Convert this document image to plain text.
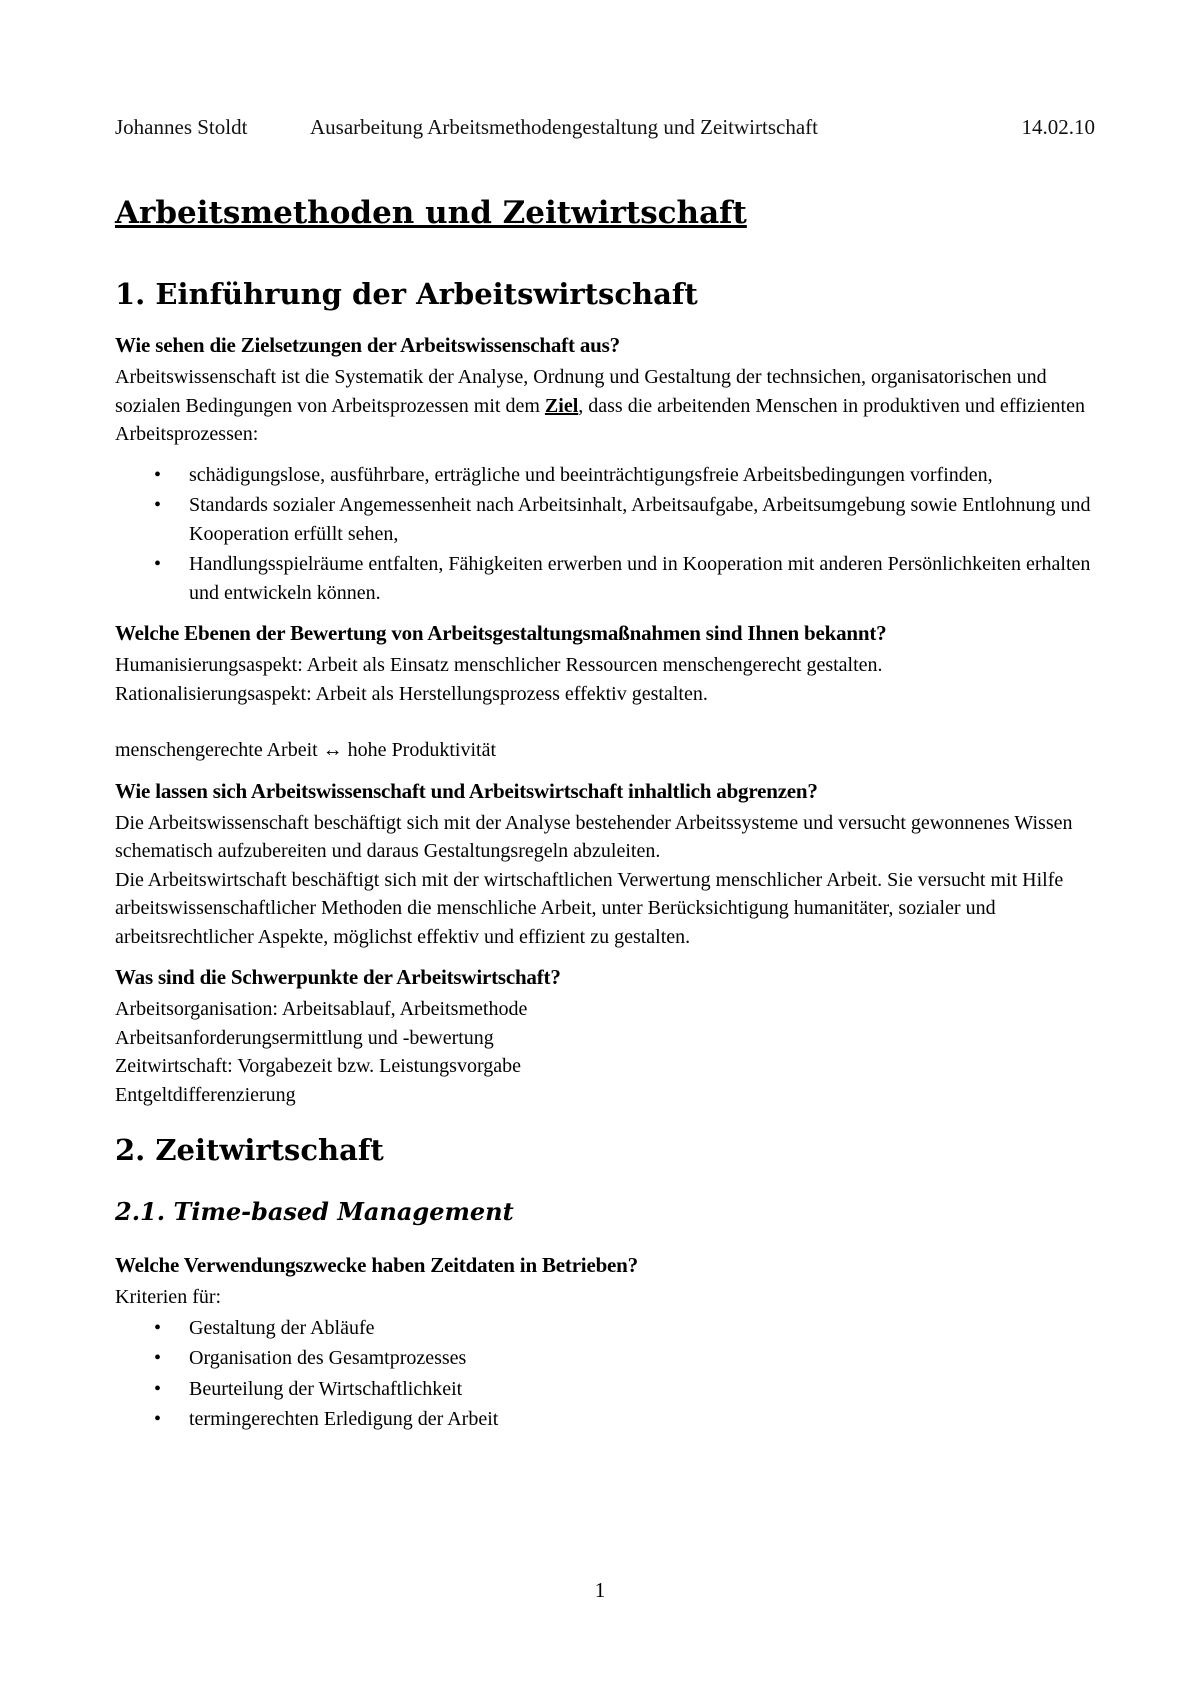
Johannes Stoldt	Ausarbeitung Arbeitsmethodengestaltung und Zeitwirtschaft	14.02.10
Arbeitsmethoden und Zeitwirtschaft
1. Einführung der Arbeitswirtschaft
Wie sehen die Zielsetzungen der Arbeitswissenschaft aus?
Arbeitswissenschaft ist die Systematik der Analyse, Ordnung und Gestaltung der technsichen, organisatorischen und sozialen Bedingungen von Arbeitsprozessen mit dem Ziel, dass die arbeitenden Menschen in produktiven und effizienten Arbeitsprozessen:
• schädigungslose, ausführbare, erträgliche und beeinträchtigungsfreie Arbeitsbedingungen vorfinden,
• Standards sozialer Angemessenheit nach Arbeitsinhalt, Arbeitsaufgabe, Arbeitsumgebung sowie Entlohnung und Kooperation erfüllt sehen,
• Handlungsspielräume entfalten, Fähigkeiten erwerben und in Kooperation mit anderen Persönlichkeiten erhalten und entwickeln können.
Welche Ebenen der Bewertung von Arbeitsgestaltungsmaßnahmen sind Ihnen bekannt?
Humanisierungsaspekt: Arbeit als Einsatz menschlicher Ressourcen menschengerecht gestalten.
Rationalisierungsaspekt: Arbeit als Herstellungsprozess effektiv gestalten.
menschengerechte Arbeit ↔ hohe Produktivität
Wie lassen sich Arbeitswissenschaft und Arbeitswirtschaft inhaltlich abgrenzen?
Die Arbeitswissenschaft beschäftigt sich mit der Analyse bestehender Arbeitssysteme und versucht gewonnenes Wissen schematisch aufzubereiten und daraus Gestaltungsregeln abzuleiten.
Die Arbeitswirtschaft beschäftigt sich mit der wirtschaftlichen Verwertung menschlicher Arbeit. Sie versucht mit Hilfe arbeitswissenschaftlicher Methoden die menschliche Arbeit, unter Berücksichtigung humanitäter, sozialer und arbeitsrechtlicher Aspekte, möglichst effektiv und effizient zu gestalten.
Was sind die Schwerpunkte der Arbeitswirtschaft?
Arbeitsorganisation: Arbeitsablauf, Arbeitsmethode
Arbeitsanforderungsermittlung und -bewertung
Zeitwirtschaft: Vorgabezeit bzw. Leistungsvorgabe
Entgeltdifferenzierung
2. Zeitwirtschaft
2.1. Time-based Management
Welche Verwendungszwecke haben Zeitdaten in Betrieben?
Kriterien für:
• Gestaltung der Abläufe
• Organisation des Gesamtprozesses
• Beurteilung der Wirtschaftlichkeit
• termingerechten Erledigung der Arbeit
1
